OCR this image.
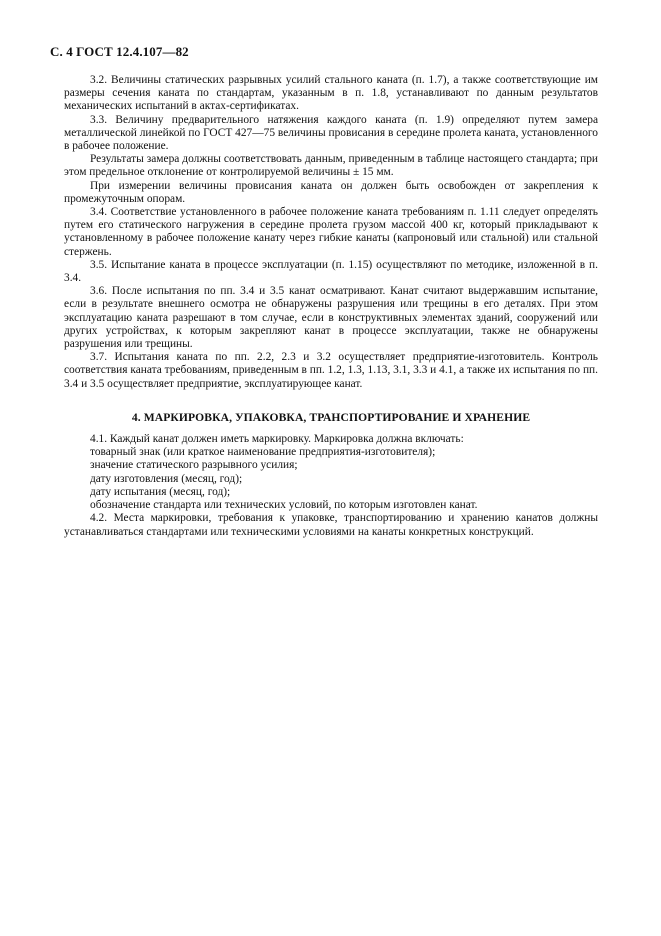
С. 4 ГОСТ 12.4.107—82

3.2. Величины статических разрывных усилий стального каната (п. 1.7), а также соответствующие им размеры сечения каната по стандартам, указанным в п. 1.8, устанавливают по данным результатов механических испытаний в актах-сертификатах.

3.3. Величину предварительного натяжения каждого каната (п. 1.9) определяют путем замера металлической линейкой по ГОСТ 427—75 величины провисания в середине пролета каната, установленного в рабочее положение.

Результаты замера должны соответствовать данным, приведенным в таблице настоящего стандарта; при этом предельное отклонение от контролируемой величины ± 15 мм.

При измерении величины провисания каната он должен быть освобожден от закрепления к промежуточным опорам.

3.4. Соответствие установленного в рабочее положение каната требованиям п. 1.11 следует определять путем его статического нагружения в середине пролета грузом массой 400 кг, который прикладывают к установленному в рабочее положение канату через гибкие канаты (капроновый или стальной) или стальной стержень.

3.5. Испытание каната в процессе эксплуатации (п. 1.15) осуществляют по методике, изложенной в п. 3.4.

3.6. После испытания по пп. 3.4 и 3.5 канат осматривают. Канат считают выдержавшим испытание, если в результате внешнего осмотра не обнаружены разрушения или трещины в его деталях. При этом эксплуатацию каната разрешают в том случае, если в конструктивных элементах зданий, сооружений или других устройствах, к которым закрепляют канат в процессе эксплуатации, также не обнаружены разрушения или трещины.

3.7. Испытания каната по пп. 2.2, 2.3 и 3.2 осуществляет предприятие-изготовитель. Контроль соответствия каната требованиям, приведенным в пп. 1.2, 1.3, 1.13, 3.1, 3.3 и 4.1, а также их испытания по пп. 3.4 и 3.5 осуществляет предприятие, эксплуатирующее канат.

4. МАРКИРОВКА, УПАКОВКА, ТРАНСПОРТИРОВАНИЕ И ХРАНЕНИЕ

4.1. Каждый канат должен иметь маркировку. Маркировка должна включать:

товарный знак (или краткое наименование предприятия-изготовителя);

значение статического разрывного усилия;

дату изготовления (месяц, год);

дату испытания (месяц, год);

обозначение стандарта или технических условий, по которым изготовлен канат.

4.2. Места маркировки, требования к упаковке, транспортированию и хранению канатов должны устанавливаться стандартами или техническими условиями на канаты конкретных конструкций.
